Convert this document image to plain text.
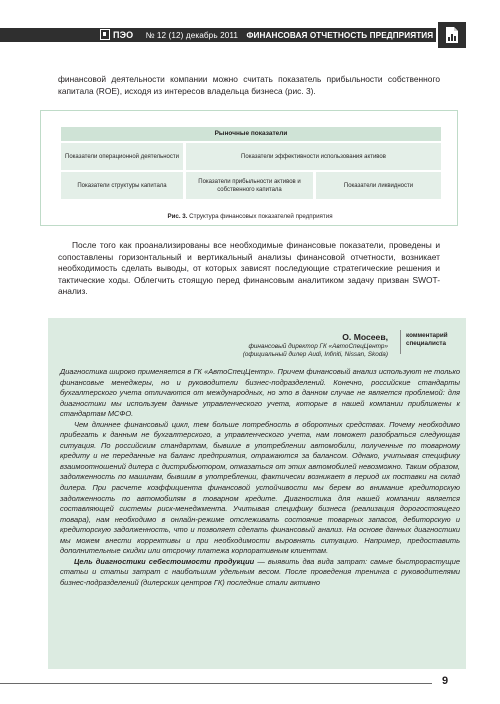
ПЭО № 12 (12) декабрь 2011 ФИНАНСОВАЯ ОТЧЕТНОСТЬ ПРЕДПРИЯТИЯ

финансовой деятельности компании можно считать показатель прибыльности собственного капитала (ROE), исходя из интересов владельца бизнеса (рис. 3).

Рыночные показатели
Показатели операционной деятельности	Показатели эффективности использования активов
Показатели структуры капитала
Показатели прибыльности активов и собственного капитала
Показатели ликвидности
Рис. 3. Структура финансовых показателей предприятия

После того как проанализированы все необходимые финансовые показатели, проведены и сопоставлены горизонтальный и вертикальный анализы финансовой отчетности, возникает необходимость сделать выводы, от которых зависят последующие стратегические решения и тактические ходы. Облегчить стоящую перед финансовым аналитиком задачу призван SWOT-анализ.

О. Мосеев,
финансовый директор ГК «АвтоСпецЦентр»
(официальный дилер Audi, Infiniti, Nissan, Skoda)
комментарий специалиста

Диагностика широко применяется в ГК «АвтоСпецЦентр». Причем финансовый анализ используют не только финансовые менеджеры, но и руководители бизнес-подразделений. Конечно, российские стандарты бухгалтерского учета отличаются от международных, но это в данном случае не является проблемой: для диагностики мы используем данные управленческого учета, которые в нашей компании приближены к стандартам МСФО.

Чем длиннее финансовый цикл, тем больше потребность в оборотных средствах. Почему необходимо прибегать к данным не бухгалтерского, а управленческого учета, нам поможет разобраться следующая ситуация. По российским стандартам, бывшие в употреблении автомобили, полученные по товарному кредиту и не переданные на баланс предприятия, отражаются за балансом. Однако, учитывая специфику взаимоотношений дилера с дистрибьютором, отказаться от этих автомобилей невозможно. Таким образом, задолженность по машинам, бывшим в употреблении, фактически возникает в период их поставки на склад дилера. При расчете коэффициента финансовой устойчивости мы берем во внимание кредиторскую задолженность по автомобилям в товарном кредите. Диагностика для нашей компании является составляющей системы риск-менеджмента. Учитывая специфику бизнеса (реализация дорогостоящего товара), нам необходимо в онлайн-режиме отслеживать состояние товарных запасов, дебиторскую и кредиторскую задолженность, что и позволяет сделать финансовый анализ. На основе данных диагностики мы можем внести коррективы и при необходимости выровнять ситуацию. Например, предоставить дополнительные скидки или отсрочку платежа корпоративным клиентам.

Цель диагностики себестоимости продукции — выявить два вида затрат: самые быстрорастущие статьи и статьи затрат с наибольшим удельным весом. После проведения тренинга с руководителями бизнес-подразделений (дилерских центров ГК) последние стали активно

9
